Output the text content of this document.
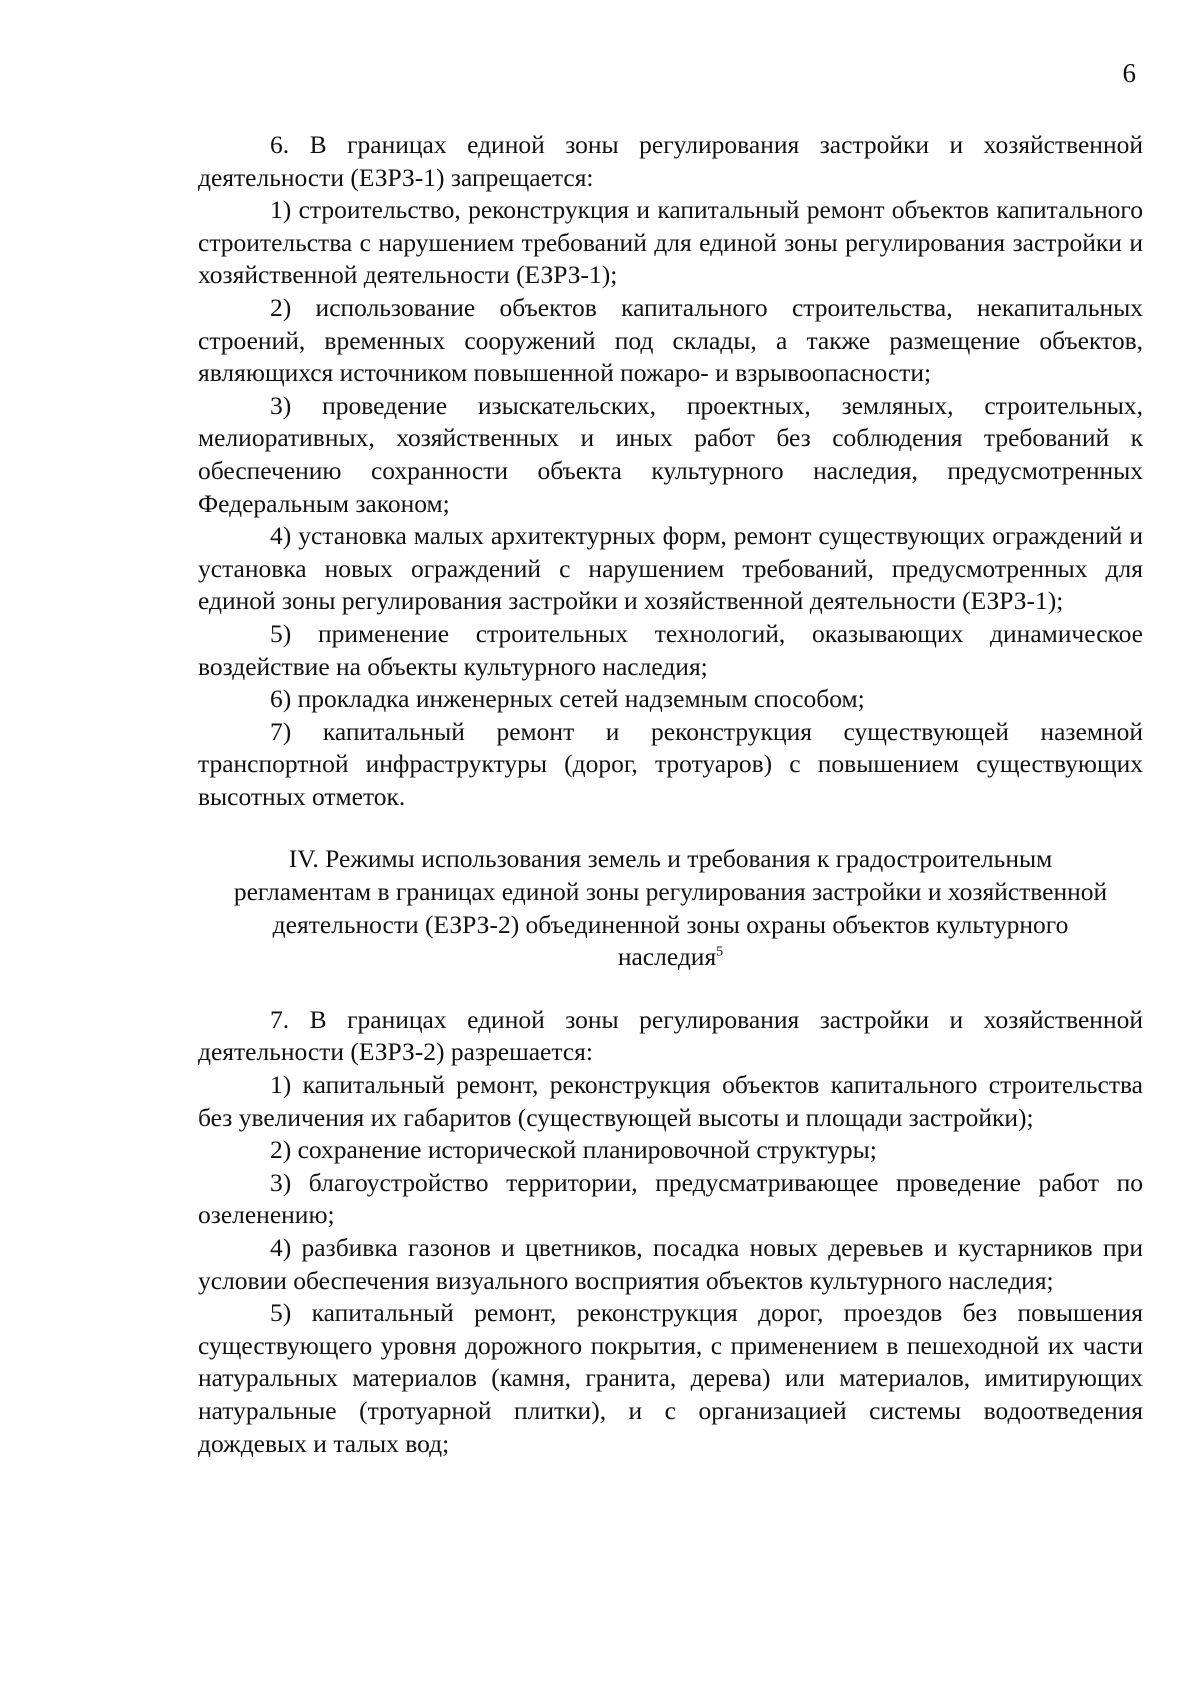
6

6. В границах единой зоны регулирования застройки и хозяйственной деятельности (ЕЗРЗ-1) запрещается:

1) строительство, реконструкция и капитальный ремонт объектов капитального строительства с нарушением требований для единой зоны регулирования застройки и хозяйственной деятельности (ЕЗРЗ-1);

2) использование объектов капитального строительства, некапитальных строений, временных сооружений под склады, а также размещение объектов, являющихся источником повышенной пожаро- и взрывоопасности;

3) проведение изыскательских, проектных, земляных, строительных, мелиоративных, хозяйственных и иных работ без соблюдения требований к обеспечению сохранности объекта культурного наследия, предусмотренных Федеральным законом;

4) установка малых архитектурных форм, ремонт существующих ограждений и установка новых ограждений с нарушением требований, предусмотренных для единой зоны регулирования застройки и хозяйственной деятельности (ЕЗРЗ-1);

5) применение строительных технологий, оказывающих динамическое воздействие на объекты культурного наследия;

6) прокладка инженерных сетей надземным способом;

7) капитальный ремонт и реконструкция существующей наземной транспортной инфраструктуры (дорог, тротуаров) с повышением существующих высотных отметок.

IV. Режимы использования земель и требования к градостроительным регламентам в границах единой зоны регулирования застройки и хозяйственной деятельности (ЕЗРЗ-2) объединенной зоны охраны объектов культурного наследия$^5$

7. В границах единой зоны регулирования застройки и хозяйственной деятельности (ЕЗРЗ-2) разрешается:

1) капитальный ремонт, реконструкция объектов капитального строительства без увеличения их габаритов (существующей высоты и площади застройки);

2) сохранение исторической планировочной структуры;

3) благоустройство территории, предусматривающее проведение работ по озеленению;

4) разбивка газонов и цветников, посадка новых деревьев и кустарников при условии обеспечения визуального восприятия объектов культурного наследия;

5) капитальный ремонт, реконструкция дорог, проездов без повышения существующего уровня дорожного покрытия, с применением в пешеходной их части натуральных материалов (камня, гранита, дерева) или материалов, имитирующих натуральные (тротуарной плитки), и с организацией системы водоотведения дождевых и талых вод;
